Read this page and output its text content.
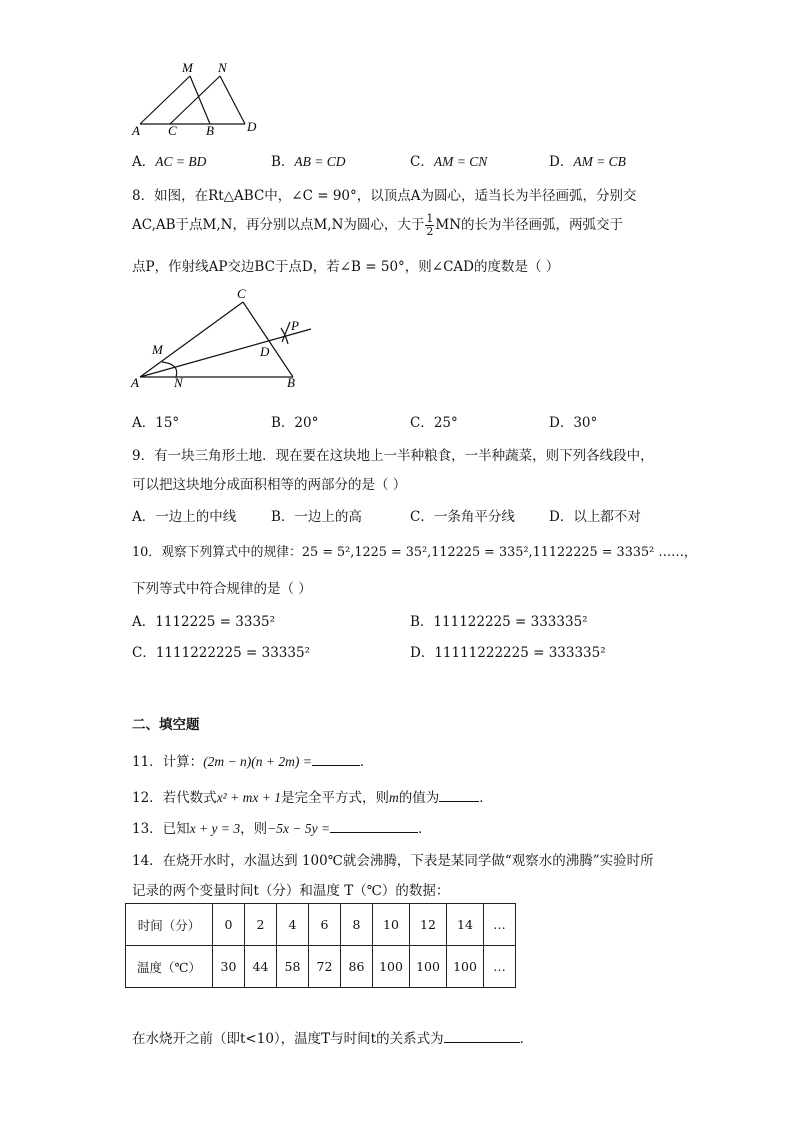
A C B	D
M N
A．AC = BD	B．AB = CD	C．AM = CN	D．AM = CB
8．如图，在Rt△ABC中，∠C = 90°，以顶点A为圆心，适当长为半径画弧，分别交
AC,AB于点M,N，再分别以点M,N为圆心，大于 $\frac{1}{2}$ MN的长为半径画弧，两弧交于
点P，作射线AP交边BC于点D，若∠B = 50°，则∠CAD的度数是（ ）
C
P
M	D
A	N	B
A．15°	B．20°	C．25°	D．30°
9．有一块三角形土地．现在要在这块地上一半种粮食，一半种蔬菜，则下列各线段中，
可以把这块地分成面积相等的两部分的是（ ）
A．一边上的中线	B．一边上的高	C．一条角平分线	D．以上都不对
10．观察下列算式中的规律：25 = 5²,1225 = 35²,112225 = 335²,11122225 = 3335² ……，
下列等式中符合规律的是（ ）
A．1112225 = 3335²	B．111122225 = 333335²
C．1111222225 = 33335²	D．11111222225 = 333335²
二、填空题
11．计算：(2m − n)(n + 2m) =	．
12．若代数式x² + mx + 1是完全平方式，则m的值为	．
13．已知x + y = 3，则−5x − 5y =	．
14．在烧开水时，水温达到 100℃就会沸腾，下表是某同学做“观察水的沸腾”实验时所
记录的两个变量时间t（分）和温度 T（℃）的数据：
时间（分）	0	2	4	6	8	10	12	14	…
温度（℃）	30	44	58	72	86	100	100	100	…
在水烧开之前（即t<10），温度T与时间t的关系式为	．
